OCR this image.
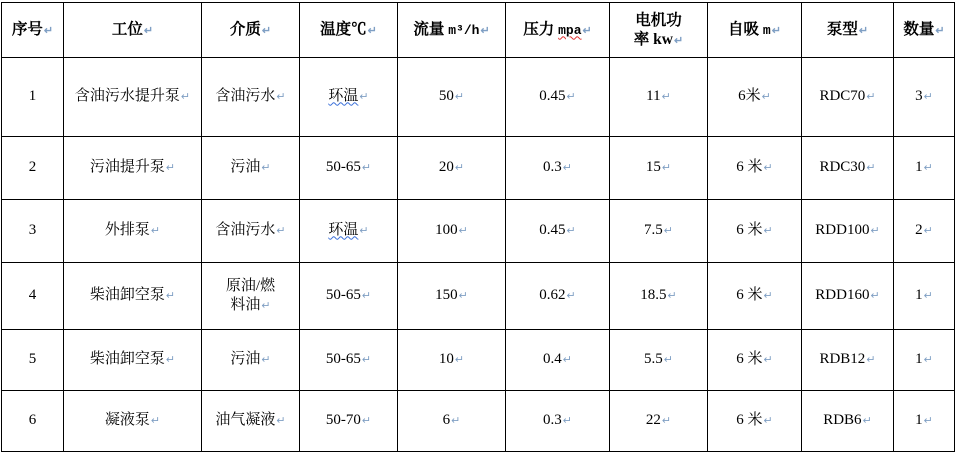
序号↵	工位↵	介质↵	温度℃↵	流量 m³/h↵	压力 mpa↵	电机功
率 kw↵	自吸 m↵	泵型↵	数量↵
1	含油污水提升泵↵	含油污水↵	环温↵	50↵	0.45↵	11↵	6米↵	RDC70↵	3↵
2	污油提升泵↵	污油↵	50-65↵	20↵	0.3↵	15↵	6 米↵	RDC30↵	1↵
3	外排泵↵	含油污水↵	环温↵	100↵	0.45↵	7.5↵	6 米↵	RDD100↵	2↵
4	柴油卸空泵↵	原油/燃
料油↵	50-65↵	150↵	0.62↵	18.5↵	6 米↵	RDD160↵	1↵
5	柴油卸空泵↵	污油↵	50-65↵	10↵	0.4↵	5.5↵	6 米↵	RDB12↵	1↵
6	凝液泵↵	油气凝液↵	50-70↵	6↵	0.3↵	22↵	6 米↵	RDB6↵	1↵
